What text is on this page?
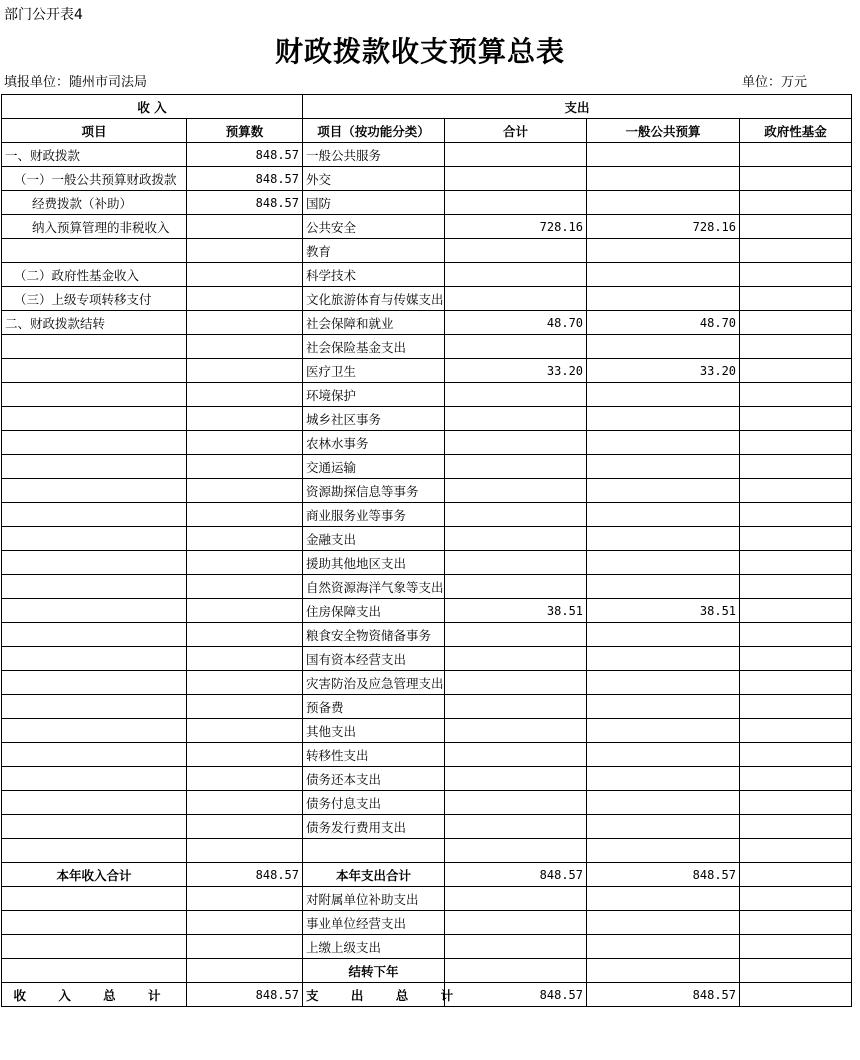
部门公开表4
财政拨款收支预算总表
填报单位：随州市司法局	单位：万元
收 入		支出			
项目	预算数	项目（按功能分类）	合计	一般公共预算	政府性基金
一、财政拨款	848.57	一般公共服务			
（一）一般公共预算财政拨款	848.57	外交			
经费拨款（补助）	848.57	国防			
纳入预算管理的非税收入		公共安全	728.16	728.16	
		教育			
（二）政府性基金收入		科学技术			
（三）上级专项转移支付		文化旅游体育与传媒支出			
二、财政拨款结转		社会保障和就业	48.70	48.70	
		社会保险基金支出			
		医疗卫生	33.20	33.20	
		环境保护			
		城乡社区事务			
		农林水事务			
		交通运输			
		资源勘探信息等事务			
		商业服务业等事务			
		金融支出			
		援助其他地区支出			
		自然资源海洋气象等支出			
		住房保障支出	38.51	38.51	
		粮食安全物资储备事务			
		国有资本经营支出			
		灾害防治及应急管理支出			
		预备费			
		其他支出			
		转移性支出			
		债务还本支出			
		债务付息支出			
		债务发行费用支出			

本年收入合计	848.57	本年支出合计	848.57	848.57	
		对附属单位补助支出			
		事业单位经营支出			
		上缴上级支出			
		结转下年			
收 入 总 计	848.57	支 出 总 计	848.57	848.57	
